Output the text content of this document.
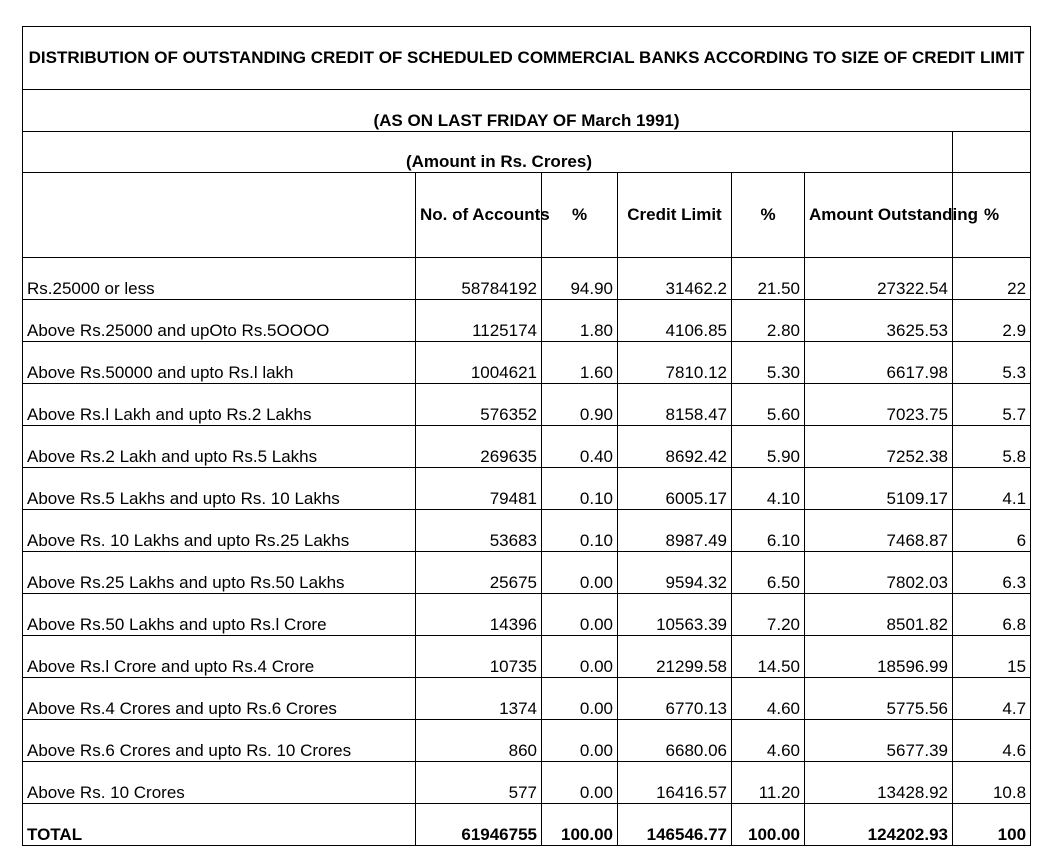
DISTRIBUTION OF OUTSTANDING CREDIT OF SCHEDULED COMMERCIAL BANKS ACCORDING TO SIZE OF CREDIT LIMIT						
(AS ON LAST FRIDAY OF March 1991)						
(Amount in Rs. Crores)						
	No. of Accounts	%	Credit Limit	%	Amount Outstanding	%
Rs.25000 or less	58784192	94.90	31462.2	21.50	27322.54	22
Above Rs.25000 and upOto Rs.5OOOO	1125174	1.80	4106.85	2.80	3625.53	2.9
Above Rs.50000 and upto Rs.l lakh	1004621	1.60	7810.12	5.30	6617.98	5.3
Above Rs.l Lakh and upto Rs.2 Lakhs	576352	0.90	8158.47	5.60	7023.75	5.7
Above Rs.2 Lakh and upto Rs.5 Lakhs	269635	0.40	8692.42	5.90	7252.38	5.8
Above Rs.5 Lakhs and upto Rs. 10 Lakhs	79481	0.10	6005.17	4.10	5109.17	4.1
Above Rs. 10 Lakhs and upto Rs.25 Lakhs	53683	0.10	8987.49	6.10	7468.87	6
Above Rs.25 Lakhs and upto Rs.50 Lakhs	25675	0.00	9594.32	6.50	7802.03	6.3
Above Rs.50 Lakhs and upto Rs.l Crore	14396	0.00	10563.39	7.20	8501.82	6.8
Above Rs.l Crore and upto Rs.4 Crore	10735	0.00	21299.58	14.50	18596.99	15
Above Rs.4 Crores and upto Rs.6 Crores	1374	0.00	6770.13	4.60	5775.56	4.7
Above Rs.6 Crores and upto Rs. 10 Crores	860	0.00	6680.06	4.60	5677.39	4.6
Above Rs. 10 Crores	577	0.00	16416.57	11.20	13428.92	10.8
TOTAL	61946755	100.00	146546.77	100.00	124202.93	100
